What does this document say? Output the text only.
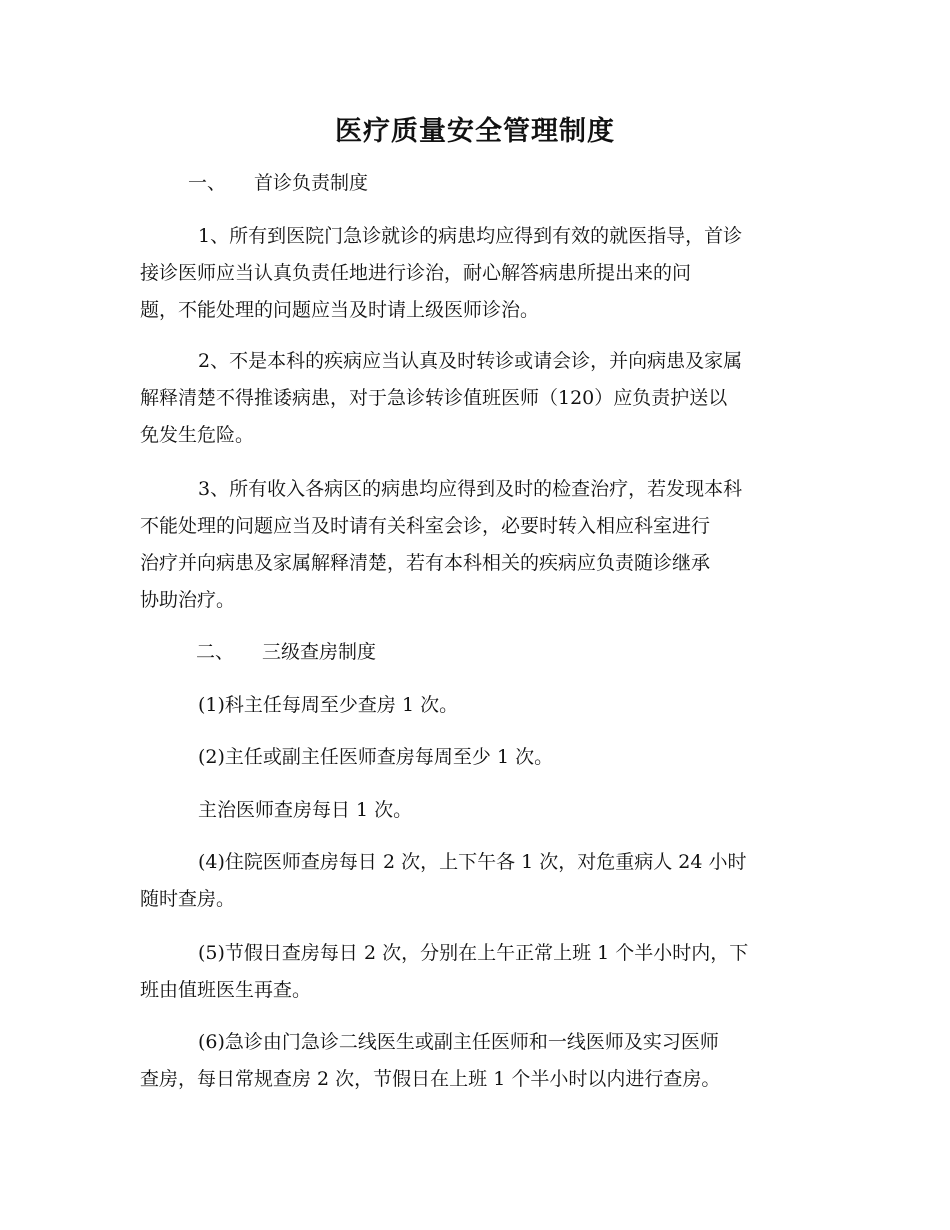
医疗质量安全管理制度
一、 首诊负责制度
1、所有到医院门急诊就诊的病患均应得到有效的就医指导，首诊
接诊医师应当认真负责任地进行诊治，耐心解答病患所提出来的问
题，不能处理的问题应当及时请上级医师诊治。
2、不是本科的疾病应当认真及时转诊或请会诊，并向病患及家属
解释清楚不得推诿病患，对于急诊转诊值班医师（120）应负责护送以
免发生危险。
3、所有收入各病区的病患均应得到及时的检查治疗，若发现本科
不能处理的问题应当及时请有关科室会诊，必要时转入相应科室进行
治疗并向病患及家属解释清楚，若有本科相关的疾病应负责随诊继承
协助治疗。
二、 三级查房制度
(1)科主任每周至少查房 1 次。
(2)主任或副主任医师查房每周至少 1 次。
主治医师查房每日 1 次。
(4)住院医师查房每日 2 次，上下午各 1 次，对危重病人 24 小时
随时查房。
(5)节假日查房每日 2 次，分别在上午正常上班 1 个半小时内，下
班由值班医生再查。
(6)急诊由门急诊二线医生或副主任医师和一线医师及实习医师
查房，每日常规查房 2 次，节假日在上班 1 个半小时以内进行查房。
